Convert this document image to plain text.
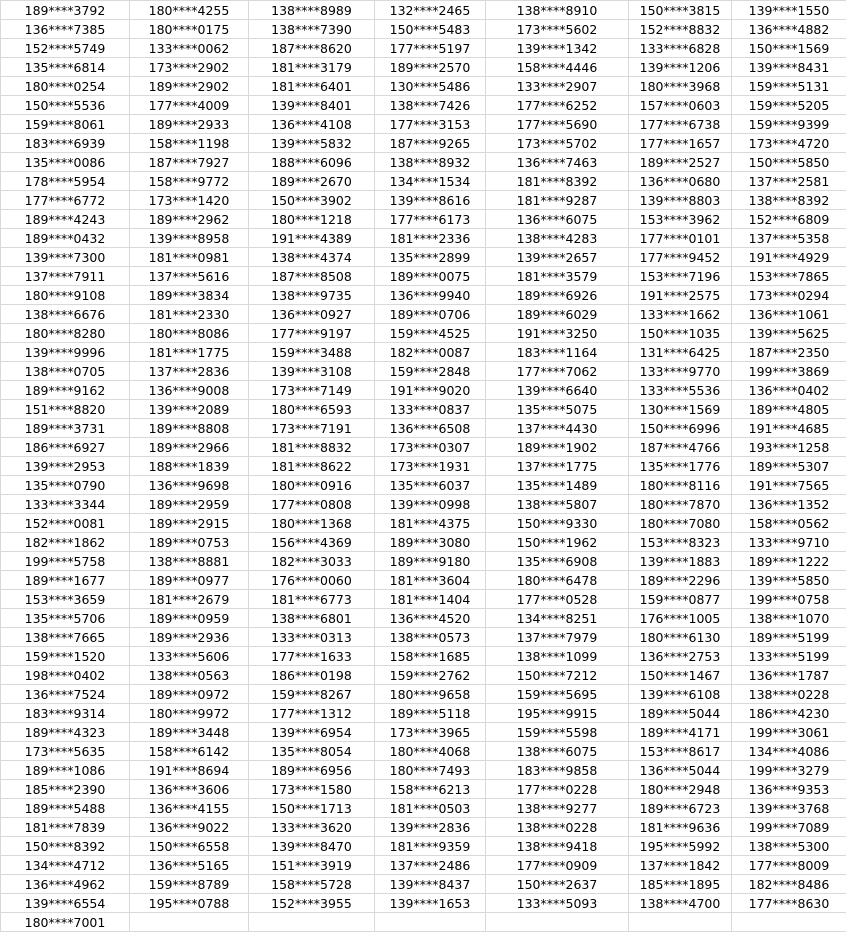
189****3792	180****4255	138****8989	132****2465	138****8910	150****3815	139****1550
136****7385	180****0175	138****7390	150****5483	173****5602	152****8832	136****4882
152****5749	133****0062	187****8620	177****5197	139****1342	133****6828	150****1569
135****6814	173****2902	181****3179	189****2570	158****4446	139****1206	139****8431
180****0254	189****2902	181****6401	130****5486	133****2907	180****3968	159****5131
150****5536	177****4009	139****8401	138****7426	177****6252	157****0603	159****5205
159****8061	189****2933	136****4108	177****3153	177****5690	177****6738	159****9399
183****6939	158****1198	139****5832	187****9265	173****5702	177****1657	173****4720
135****0086	187****7927	188****6096	138****8932	136****7463	189****2527	150****5850
178****5954	158****9772	189****2670	134****1534	181****8392	136****0680	137****2581
177****6772	173****1420	150****3902	139****8616	181****9287	139****8803	138****8392
189****4243	189****2962	180****1218	177****6173	136****6075	153****3962	152****6809
189****0432	139****8958	191****4389	181****2336	138****4283	177****0101	137****5358
139****7300	181****0981	138****4374	135****2899	139****2657	177****9452	191****4929
137****7911	137****5616	187****8508	189****0075	181****3579	153****7196	153****7865
180****9108	189****3834	138****9735	136****9940	189****6926	191****2575	173****0294
138****6676	181****2330	136****0927	189****0706	189****6029	133****1662	136****1061
180****8280	180****8086	177****9197	159****4525	191****3250	150****1035	139****5625
139****9996	181****1775	159****3488	182****0087	183****1164	131****6425	187****2350
138****0705	137****2836	139****3108	159****2848	177****7062	133****9770	199****3869
189****9162	136****9008	173****7149	191****9020	139****6640	133****5536	136****0402
151****8820	139****2089	180****6593	133****0837	135****5075	130****1569	189****4805
189****3731	189****8808	173****7191	136****6508	137****4430	150****6996	191****4685
186****6927	189****2966	181****8832	173****0307	189****1902	187****4766	193****1258
139****2953	188****1839	181****8622	173****1931	137****1775	135****1776	189****5307
135****0790	136****9698	180****0916	135****6037	135****1489	180****8116	191****7565
133****3344	189****2959	177****0808	139****0998	138****5807	180****7870	136****1352
152****0081	189****2915	180****1368	181****4375	150****9330	180****7080	158****0562
182****1862	189****0753	156****4369	189****3080	150****1962	153****8323	133****9710
199****5758	138****8881	182****3033	189****9180	135****6908	139****1883	189****1222
189****1677	189****0977	176****0060	181****3604	180****6478	189****2296	139****5850
153****3659	181****2679	181****6773	181****1404	177****0528	159****0877	199****0758
135****5706	189****0959	138****6801	136****4520	134****8251	176****1005	138****1070
138****7665	189****2936	133****0313	138****0573	137****7979	180****6130	189****5199
159****1520	133****5606	177****1633	158****1685	138****1099	136****2753	133****5199
198****0402	138****0563	186****0198	159****2762	150****7212	150****1467	136****1787
136****7524	189****0972	159****8267	180****9658	159****5695	139****6108	138****0228
183****9314	180****9972	177****1312	189****5118	195****9915	189****5044	186****4230
189****4323	189****3448	139****6954	173****3965	159****5598	189****4171	199****3061
173****5635	158****6142	135****8054	180****4068	138****6075	153****8617	134****4086
189****1086	191****8694	189****6956	180****7493	183****9858	136****5044	199****3279
185****2390	136****3606	173****1580	158****6213	177****0228	180****2948	136****9353
189****5488	136****4155	150****1713	181****0503	138****9277	189****6723	139****3768
181****7839	136****9022	133****3620	139****2836	138****0228	181****9636	199****7089
150****8392	150****6558	139****8470	181****9359	138****9418	195****5992	138****5300
134****4712	136****5165	151****3919	137****2486	177****0909	137****1842	177****8009
136****4962	159****8789	158****5728	139****8437	150****2637	185****1895	182****8486
139****6554	195****0788	152****3955	139****1653	133****5093	138****4700	177****8630
180****7001						
